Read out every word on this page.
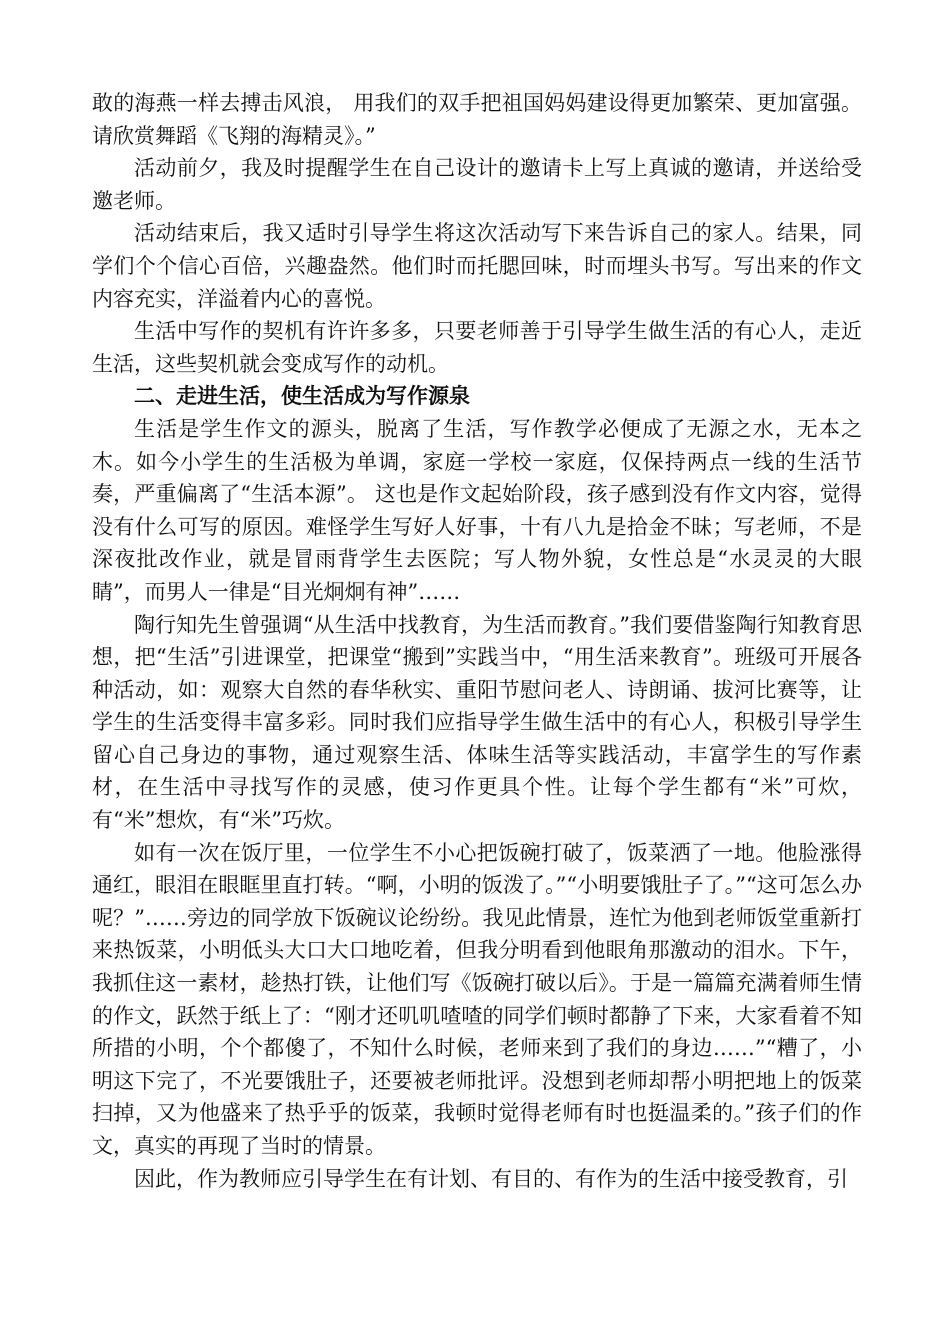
敢的海燕一样去搏击风浪， 用我们的双手把祖国妈妈建设得更加繁荣、更加富强。 请欣赏舞蹈《飞翔的海精灵》。”

活动前夕，我及时提醒学生在自己设计的邀请卡上写上真诚的邀请，并送给受邀老师。

活动结束后，我又适时引导学生将这次活动写下来告诉自己的家人。结果，同学们个个信心百倍，兴趣盎然。他们时而托腮回味，时而埋头书写。写出来的作文内容充实，洋溢着内心的喜悦。

生活中写作的契机有许许多多，只要老师善于引导学生做生活的有心人，走近生活，这些契机就会变成写作的动机。

二、走进生活，使生活成为写作源泉

生活是学生作文的源头，脱离了生活，写作教学必便成了无源之水，无本之木。如今小学生的生活极为单调，家庭一学校一家庭，仅保持两点一线的生活节奏，严重偏离了“生活本源”。 这也是作文起始阶段，孩子感到没有作文内容，觉得没有什么可写的原因。难怪学生写好人好事，十有八九是拾金不昧；写老师，不是深夜批改作业，就是冒雨背学生去医院；写人物外貌，女性总是“水灵灵的大眼睛”，而男人一律是“目光炯炯有神”……

陶行知先生曾强调“从生活中找教育，为生活而教育。”我们要借鉴陶行知教育思想，把“生活”引进课堂，把课堂“搬到”实践当中，“用生活来教育”。班级可开展各种活动，如：观察大自然的春华秋实、重阳节慰问老人、诗朗诵、拔河比赛等，让学生的生活变得丰富多彩。同时我们应指导学生做生活中的有心人，积极引导学生留心自己身边的事物，通过观察生活、体味生活等实践活动，丰富学生的写作素材，在生活中寻找写作的灵感，使习作更具个性。让每个学生都有“米”可炊，有“米”想炊，有“米”巧炊。

如有一次在饭厅里，一位学生不小心把饭碗打破了，饭菜洒了一地。他脸涨得通红，眼泪在眼眶里直打转。“啊，小明的饭泼了。”“小明要饿肚子了。”“这可怎么办呢？”……旁边的同学放下饭碗议论纷纷。我见此情景，连忙为他到老师饭堂重新打来热饭菜，小明低头大口大口地吃着，但我分明看到他眼角那激动的泪水。下午，我抓住这一素材，趁热打铁，让他们写《饭碗打破以后》。于是一篇篇充满着师生情的作文，跃然于纸上了：“刚才还叽叽喳喳的同学们顿时都静了下来，大家看着不知所措的小明，个个都傻了，不知什么时候，老师来到了我们的身边……”“糟了，小明这下完了，不光要饿肚子，还要被老师批评。没想到老师却帮小明把地上的饭菜扫掉，又为他盛来了热乎乎的饭菜，我顿时觉得老师有时也挺温柔的。”孩子们的作文，真实的再现了当时的情景。

因此，作为教师应引导学生在有计划、有目的、有作为的生活中接受教育，引
